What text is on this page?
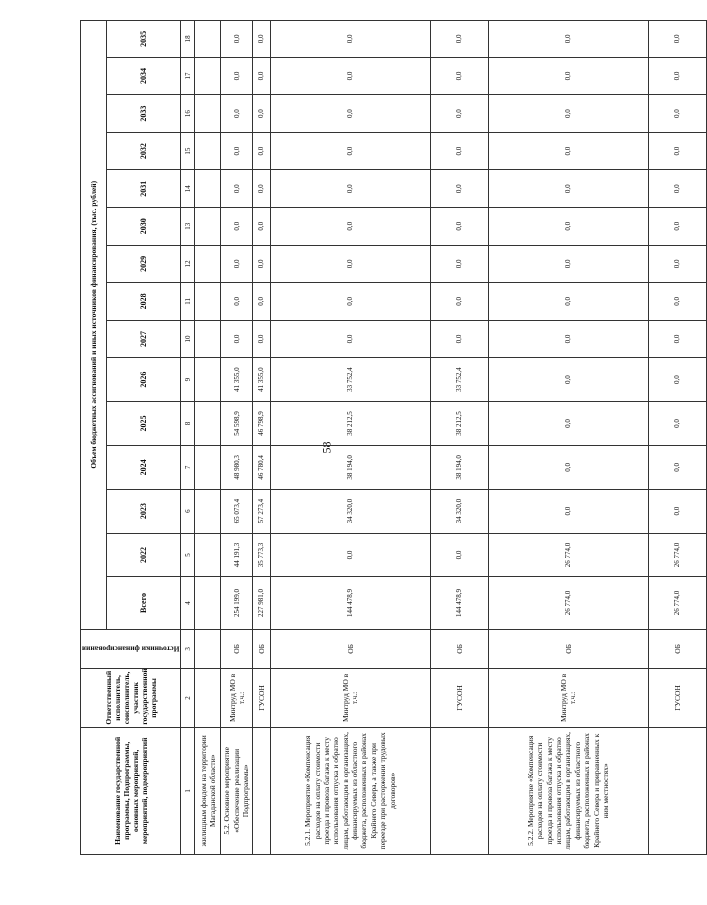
58
Наименование государственной программы, Подпрограммы, основных мероприятий, мероприятий, подмероприятий	Ответственный исполнитель, соисполнитель, участник государственной программы	Источники финансирования	Объем бюджетных ассигнований и иных источников финансирования, (тыс. рублей)														
			Всего	2022	2023	2024	2025	2026	2027	2028	2029	2030	2031	2032	2033	2034	2035
1	2	3	4	5	6	7	8	9	10	11	12	13	14	15	16	17	18
жилищным фондом на территории Магаданской области»																	
5.2. Основное мероприятие «Обеспечение реализации Подпрограммы»	Минтруд МО в т.ч.:	ОБ	254 199,0	44 191,3	65 073,4	48 980,3	54 598,9	41 355,0	0,0	0,0	0,0	0,0	0,0	0,0	0,0	0,0	0,0
	ГУСОН	ОБ	227 981,0	35 773,3	57 273,4	46 780,4	46 798,9	41 355,0	0,0	0,0	0,0	0,0	0,0	0,0	0,0	0,0	0,0
5.2.1. Мероприятие «Компенсация расходов на оплату стоимости проезда и провоза багажа к месту использования отпуска и обратно лицам, работающим в организациях, финансируемых из областного бюджета, расположенных в районах Крайнего Севера, а также при переезде при расторжении трудовых договоров»	Минтруд МО в т.ч.:	ОБ	144 478,9	0,0	34 320,0	38 194,0	38 212,5	33 752,4	0,0	0,0	0,0	0,0	0,0	0,0	0,0	0,0	0,0
	ГУСОН	ОБ	144 478,9	0,0	34 320,0	38 194,0	38 212,5	33 752,4	0,0	0,0	0,0	0,0	0,0	0,0	0,0	0,0	0,0
5.2.2. Мероприятие «Компенсация расходов на оплату стоимости проезда и провоза багажа к месту использования отпуска и обратно лицам, работающим в организациях, финансируемых из областного бюджета, расположенных в районах Крайнего Севера и приравненных к ним местностях»	Минтруд МО в т.ч.:	ОБ	26 774,0	26 774,0	0,0	0,0	0,0	0,0	0,0	0,0	0,0	0,0	0,0	0,0	0,0	0,0	0,0
	ГУСОН	ОБ	26 774,0	26 774,0	0,0	0,0	0,0	0,0	0,0	0,0	0,0	0,0	0,0	0,0	0,0	0,0	0,0
